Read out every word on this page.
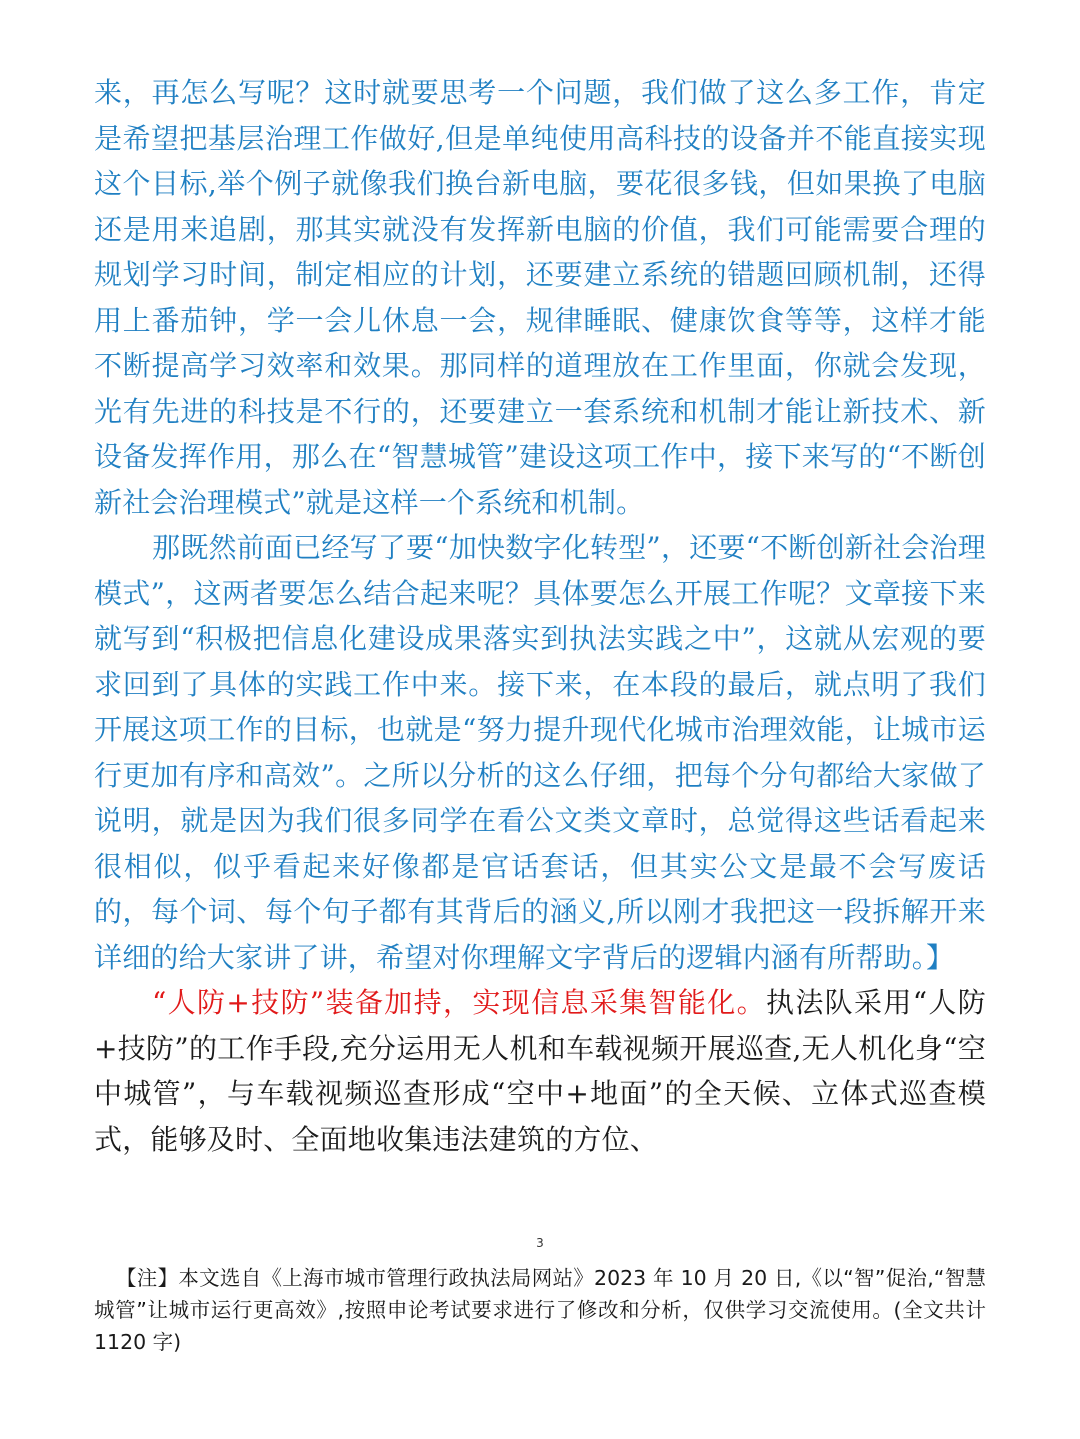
来，再怎么写呢？这时就要思考一个问题，我们做了这么多工作，肯定是希望把基层治理工作做好,但是单纯使用高科技的设备并不能直接实现这个目标,举个例子就像我们换台新电脑，要花很多钱，但如果换了电脑还是用来追剧，那其实就没有发挥新电脑的价值，我们可能需要合理的规划学习时间，制定相应的计划，还要建立系统的错题回顾机制，还得用上番茄钟，学一会儿休息一会，规律睡眠、健康饮食等等，这样才能不断提高学习效率和效果。那同样的道理放在工作里面，你就会发现，光有先进的科技是不行的，还要建立一套系统和机制才能让新技术、新设备发挥作用，那么在“智慧城管”建设这项工作中，接下来写的“不断创新社会治理模式”就是这样一个系统和机制。

那既然前面已经写了要“加快数字化转型”，还要“不断创新社会治理模式”，这两者要怎么结合起来呢？具体要怎么开展工作呢？文章接下来就写到“积极把信息化建设成果落实到执法实践之中”，这就从宏观的要求回到了具体的实践工作中来。接下来，在本段的最后，就点明了我们开展这项工作的目标，也就是“努力提升现代化城市治理效能，让城市运行更加有序和高效”。之所以分析的这么仔细，把每个分句都给大家做了说明，就是因为我们很多同学在看公文类文章时，总觉得这些话看起来很相似，似乎看起来好像都是官话套话，但其实公文是最不会写废话的，每个词、每个句子都有其背后的涵义,所以刚才我把这一段拆解开来详细的给大家讲了讲，希望对你理解文字背后的逻辑内涵有所帮助。】

“人防+技防”装备加持，实现信息采集智能化。执法队采用“人防+技防”的工作手段,充分运用无人机和车载视频开展巡查,无人机化身“空中城管”，与车载视频巡查形成“空中+地面”的全天候、立体式巡查模式，能够及时、全面地收集违法建筑的方位、

3

【注】本文选自《上海市城市管理行政执法局网站》2023 年 10 月 20 日,《以“智”促治,“智慧城管”让城市运行更高效》,按照申论考试要求进行了修改和分析，仅供学习交流使用。(全文共计 1120 字)
